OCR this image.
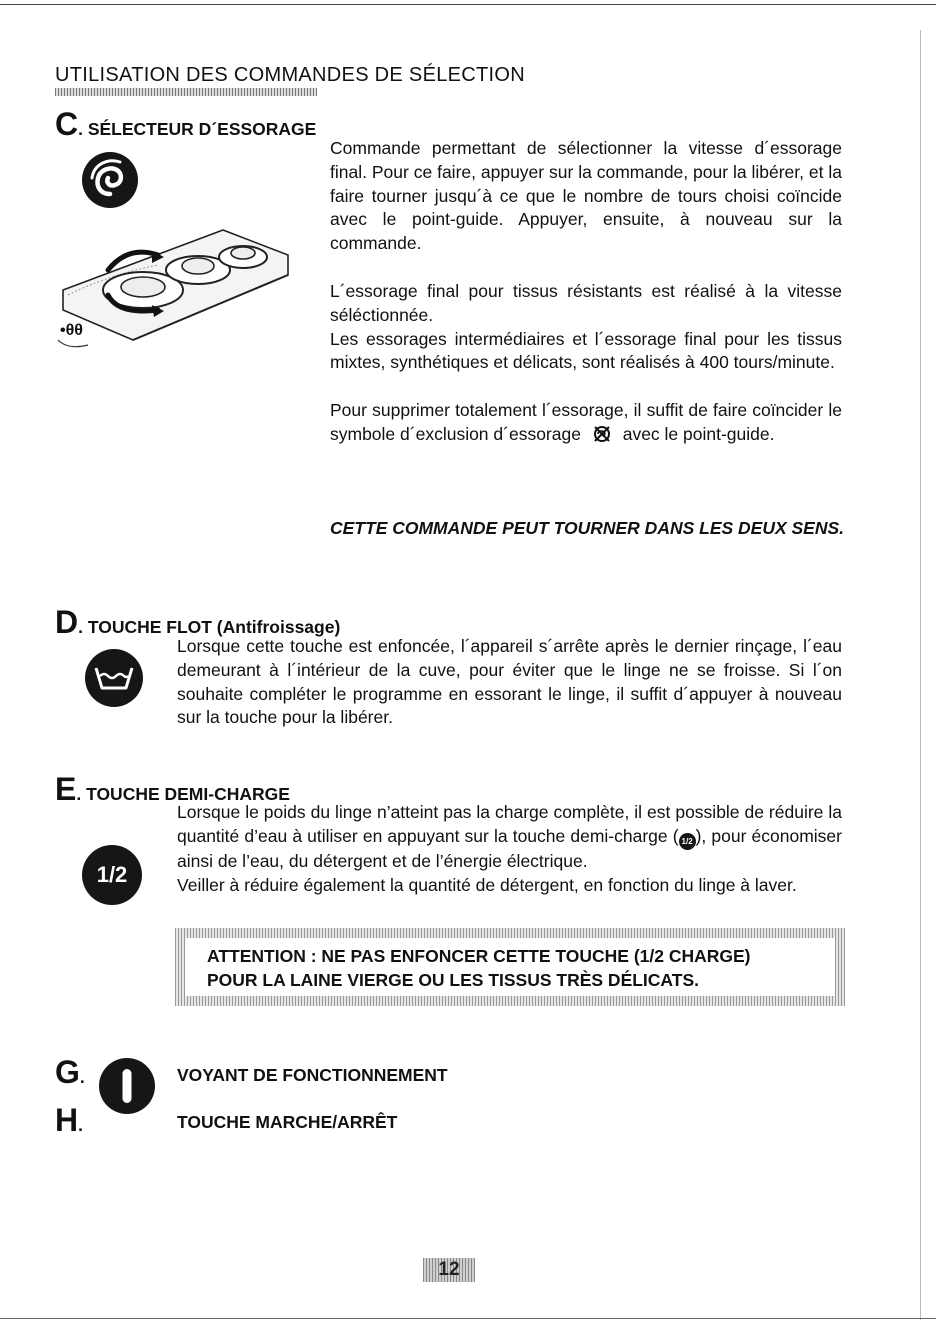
UTILISATION DES COMMANDES DE SÉLECTION
C. SÉLECTEUR D´ESSORAGE
•θθ

Commande permettant de sélectionner la vitesse d´essorage final. Pour ce faire, appuyer sur la commande, pour la libérer, et la faire tourner jusqu´à ce que le nombre de tours choisi coïncide avec le point-guide. Appuyer, ensuite, à nouveau sur la commande.

L´essorage final pour tissus résistants est réalisé à la vitesse séléctionnée.

Les essorages intermédiaires et l´essorage final pour les tissus mixtes, synthétiques et délicats, sont réalisés à 400 tours/minute.

Pour supprimer totalement l´essorage, il suffit de faire coïncider le symbole d´exclusion d´essorage avec le point-guide.

CETTE COMMANDE PEUT TOURNER DANS LES DEUX SENS.
D. TOUCHE FLOT (Antifroissage)
Lorsque cette touche est enfoncée, l´appareil s´arrête après le dernier rinçage, l´eau demeurant à l´intérieur de la cuve, pour éviter que le linge ne se froisse. Si l´on souhaite compléter le programme en essorant le linge, il suffit d´appuyer à nouveau sur la touche pour la libérer.
E. TOUCHE DEMI-CHARGE
1/2

Lorsque le poids du linge n’atteint pas la charge complète, il est possible de réduire la quantité d’eau à utiliser en appuyant sur la touche demi-charge ( 1/2 ), pour économiser ainsi de l’eau, du détergent et de l’énergie électrique.

Veiller à réduire également la quantité de détergent, en fonction du linge à laver.

ATTENTION : NE PAS ENFONCER CETTE TOUCHE (1/2 CHARGE)
POUR LA LAINE VIERGE OU LES TISSUS TRÈS DÉLICATS.
G.
H.
VOYANT DE FONCTIONNEMENT
TOUCHE MARCHE/ARRÊT
12
